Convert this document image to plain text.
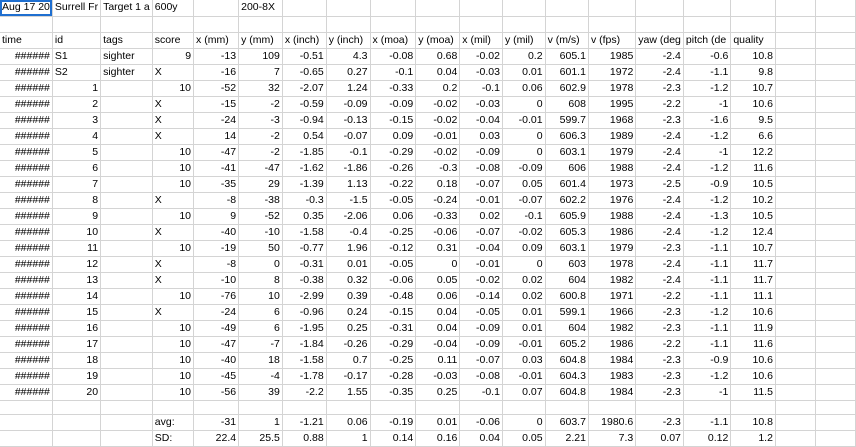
Aug 17 20	Surrell Fr	Target 1 a	600y		200-8X													

time	id	tags	score	x (mm)	y (mm)	x (inch)	y (inch)	x (moa)	y (moa)	x (mil)	y (mil)	v (m/s)	v (fps)	yaw (deg	pitch (de	quality		
######	S1	sighter	9	-13	109	-0.51	4.3	-0.08	0.68	-0.02	0.2	605.1	1985	-2.4	-0.6	10.8		
######	S2	sighter	X	-16	7	-0.65	0.27	-0.1	0.04	-0.03	0.01	601.1	1972	-2.4	-1.1	9.8		
######	1		10	-52	32	-2.07	1.24	-0.33	0.2	-0.1	0.06	602.9	1978	-2.3	-1.2	10.7		
######	2		X	-15	-2	-0.59	-0.09	-0.09	-0.02	-0.03	0	608	1995	-2.2	-1	10.6		
######	3		X	-24	-3	-0.94	-0.13	-0.15	-0.02	-0.04	-0.01	599.7	1968	-2.3	-1.6	9.5		
######	4		X	14	-2	0.54	-0.07	0.09	-0.01	0.03	0	606.3	1989	-2.4	-1.2	6.6		
######	5		10	-47	-2	-1.85	-0.1	-0.29	-0.02	-0.09	0	603.1	1979	-2.4	-1	12.2		
######	6		10	-41	-47	-1.62	-1.86	-0.26	-0.3	-0.08	-0.09	606	1988	-2.4	-1.2	11.6		
######	7		10	-35	29	-1.39	1.13	-0.22	0.18	-0.07	0.05	601.4	1973	-2.5	-0.9	10.5		
######	8		X	-8	-38	-0.3	-1.5	-0.05	-0.24	-0.01	-0.07	602.2	1976	-2.4	-1.2	10.2		
######	9		10	9	-52	0.35	-2.06	0.06	-0.33	0.02	-0.1	605.9	1988	-2.4	-1.3	10.5		
######	10		X	-40	-10	-1.58	-0.4	-0.25	-0.06	-0.07	-0.02	605.3	1986	-2.4	-1.2	12.4		
######	11		10	-19	50	-0.77	1.96	-0.12	0.31	-0.04	0.09	603.1	1979	-2.3	-1.1	10.7		
######	12		X	-8	0	-0.31	0.01	-0.05	0	-0.01	0	603	1978	-2.4	-1.1	11.7		
######	13		X	-10	8	-0.38	0.32	-0.06	0.05	-0.02	0.02	604	1982	-2.4	-1.1	11.7		
######	14		10	-76	10	-2.99	0.39	-0.48	0.06	-0.14	0.02	600.8	1971	-2.2	-1.1	11.1		
######	15		X	-24	6	-0.96	0.24	-0.15	0.04	-0.05	0.01	599.1	1966	-2.3	-1.2	10.6		
######	16		10	-49	6	-1.95	0.25	-0.31	0.04	-0.09	0.01	604	1982	-2.3	-1.1	11.9		
######	17		10	-47	-7	-1.84	-0.26	-0.29	-0.04	-0.09	-0.01	605.2	1986	-2.2	-1.1	11.6		
######	18		10	-40	18	-1.58	0.7	-0.25	0.11	-0.07	0.03	604.8	1984	-2.3	-0.9	10.6		
######	19		10	-45	-4	-1.78	-0.17	-0.28	-0.03	-0.08	-0.01	604.3	1983	-2.3	-1.2	10.6		
######	20		10	-56	39	-2.2	1.55	-0.35	0.25	-0.1	0.07	604.8	1984	-2.3	-1	11.5		

			avg:	-31	1	-1.21	0.06	-0.19	0.01	-0.06	0	603.7	1980.6	-2.3	-1.1	10.8		
			SD:	22.4	25.5	0.88	1	0.14	0.16	0.04	0.05	2.21	7.3	0.07	0.12	1.2		
